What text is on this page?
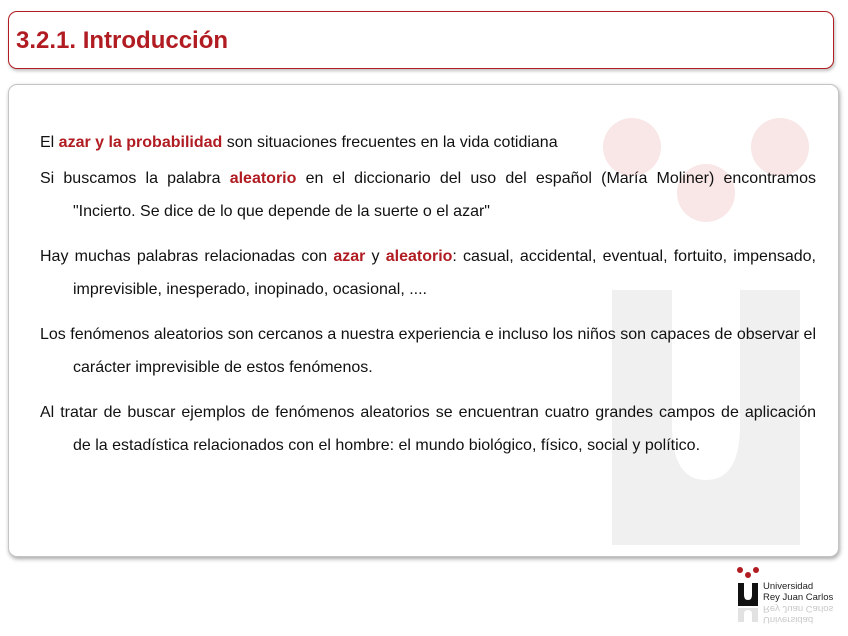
3.2.1. Introducción

El azar y la probabilidad son situaciones frecuentes en la vida cotidiana

Si buscamos la palabra aleatorio en el diccionario del uso del español (María Moliner) encontramos "Incierto. Se dice de lo que depende de la suerte o el azar"

Hay muchas palabras relacionadas con azar y aleatorio: casual, accidental, eventual, fortuito, impensado, imprevisible, inesperado, inopinado, ocasional, ....

Los fenómenos aleatorios son cercanos a nuestra experiencia e incluso los niños son capaces de observar el carácter imprevisible de estos fenómenos.

Al tratar de buscar ejemplos de fenómenos aleatorios se encuentran cuatro grandes campos de aplicación de la estadística relacionados con el hombre: el mundo biológico, físico, social y político.

Universidad
Rey Juan Carlos
Universidad
Rey Juan Carlos
